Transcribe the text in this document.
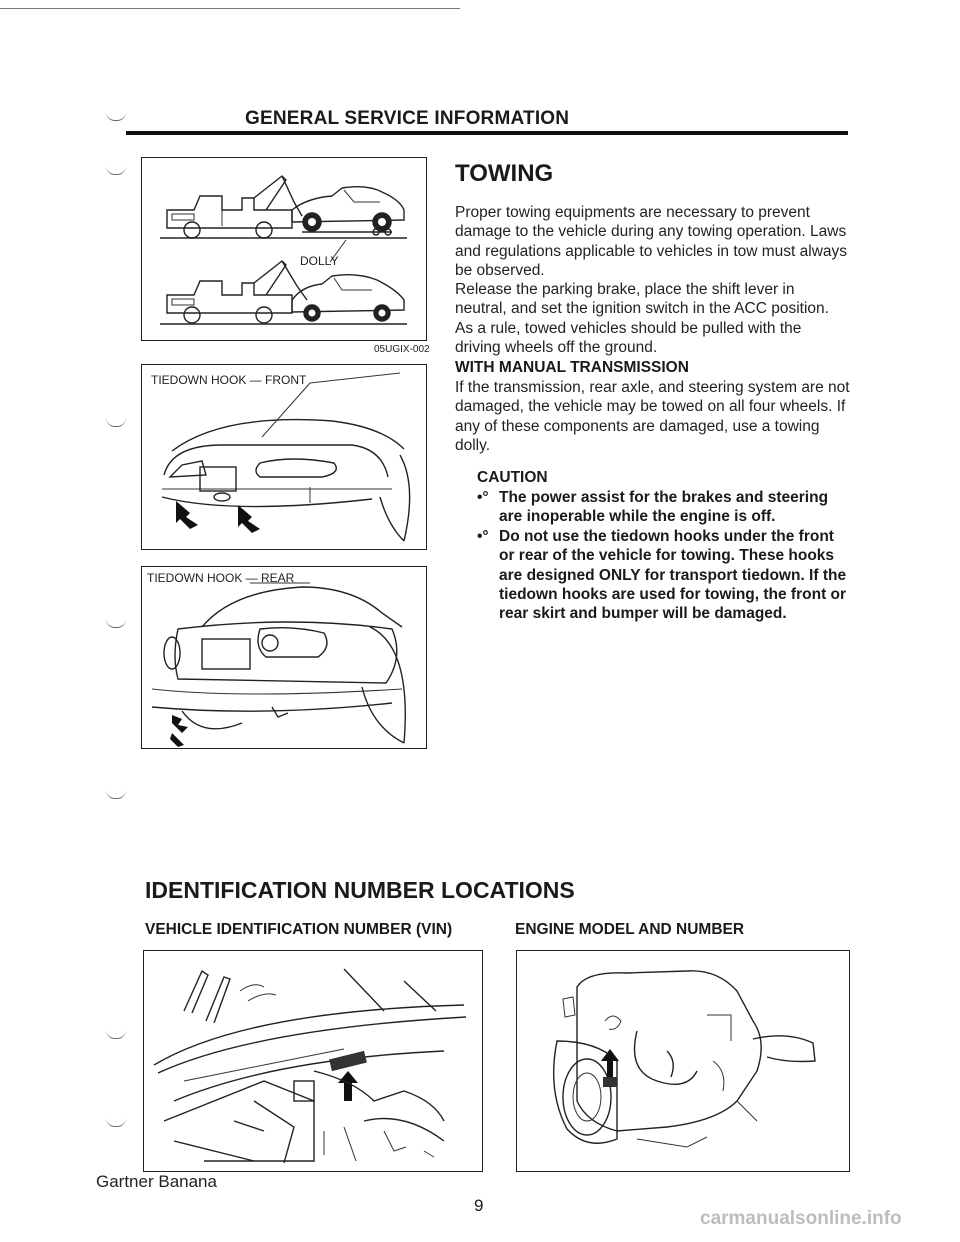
GENERAL SERVICE INFORMATION
DOLLY
05UGIX-002
TIEDOWN HOOK — FRONT
TIEDOWN HOOK — REAR
TOWING

Proper towing equipments are necessary to prevent damage to the vehicle during any towing operation. Laws and regulations applicable to vehicles in tow must always be observed.

Release the parking brake, place the shift lever in neutral, and set the ignition switch in the ACC position. As a rule, towed vehicles should be pulled with the driving wheels off the ground.

WITH MANUAL TRANSMISSION
If the transmission, rear axle, and steering system are not damaged, the vehicle may be towed on all four wheels. If any of these components are damaged, use a towing dolly.
CAUTION
•° The power assist for the brakes and steering are inoperable while the engine is off.
•° Do not use the tiedown hooks under the front or rear of the vehicle for towing. These hooks are designed ONLY for transport tiedown. If the tiedown hooks are used for towing, the front or rear skirt and bumper will be damaged.
IDENTIFICATION NUMBER LOCATIONS
VEHICLE IDENTIFICATION NUMBER (VIN)	ENGINE MODEL AND NUMBER
Gartner Banana
9
carmanualsonline.info
